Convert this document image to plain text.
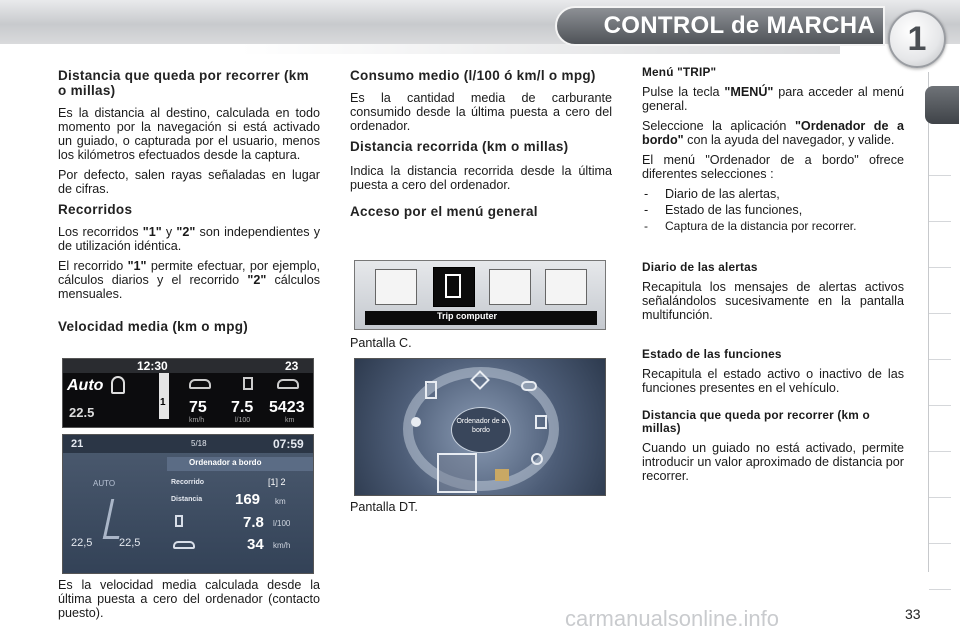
CONTROL de MARCHA 1
Distancia que queda por recorrer (km o millas)

Es la distancia al destino, calculada en todo momento por la navegación si está activado un guiado, o capturada por el usuario, menos los kilómetros efectuados desde la captura.

Por defecto, salen rayas señaladas en lugar de cifras.

Recorridos

Los recorridos "1" y "2" son independientes y de utilización idéntica.

El recorrido "1" permite efectuar, por ejemplo, cálculos diarios y el recorrido "2" cálculos mensuales.

Velocidad media (km o mpg)
12:30	23
Auto
22.5
1 75
km/h
7.5
l/100
5423
km
21	5/18	07:59
Ordenador a bordo
AUTO	Recorrido	[1] 2
Distancia 169 km
7.8 l/100
34 km/h
22,5 22,5

Es la velocidad media calculada desde la última puesta a cero del ordenador (contacto puesto).

Consumo medio (l/100 ó km/l o mpg)

Es la cantidad media de carburante consumido desde la última puesta a cero del ordenador.

Distancia recorrida (km o millas)

Indica la distancia recorrida desde la última puesta a cero del ordenador.

Acceso por el menú general
Trip computer

Pantalla C.

Ordenador de a bordo

Pantalla DT.

Menú "TRIP"

Pulse la tecla "MENÚ" para acceder al menú general.

Seleccione la aplicación "Ordenador de a bordo" con la ayuda del navegador, y valide.

El menú "Ordenador de a bordo" ofrece diferentes selecciones :

- Diario de las alertas,
- Estado de las funciones,
- Captura de la distancia por recorrer.
Diario de las alertas

Recapitula los mensajes de alertas activos señalándolos sucesivamente en la pantalla multifunción.

Estado de las funciones

Recapitula el estado activo o inactivo de las funciones presentes en el vehículo.

Distancia que queda por recorrer (km o millas)

Cuando un guiado no está activado, permite introducir un valor aproximado de distancia por recorrer.

carmanualsonline.info	33
